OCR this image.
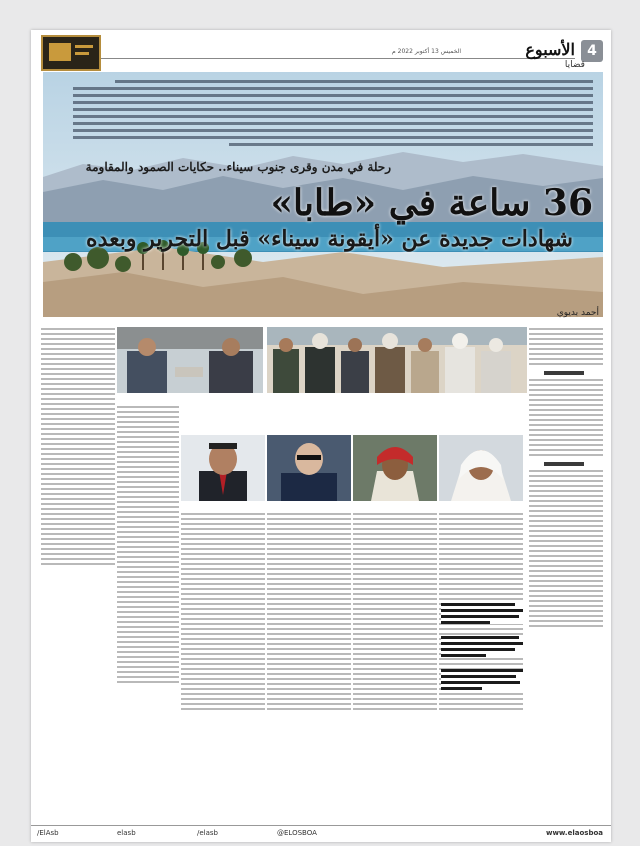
4
الأسبوع
الخميس 13 أكتوبر 2022 م
قضايا
رحلة في مدن وقرى جنوب سيناء.. حكايات الصمود والمقاومة
36 ساعة في «طابا»
شهادات جديدة عن «أيقونة سيناء» قبل التحرير وبعده
أحمد بديوي
/ElAsb	elasb	/elasb	@ELOSBOA	www.elaosboa
